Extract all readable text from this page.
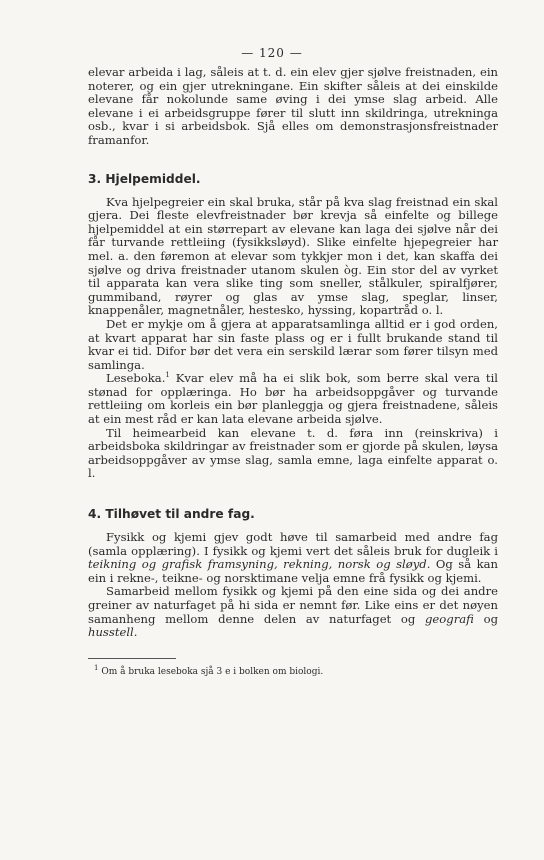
— 120 —

elevar arbeida i lag, såleis at t. d. ein elev gjer sjølve freistnaden, ein noterer, og ein gjer utrekningane. Ein skifter såleis at dei einskilde elevane får nokolunde same øving i dei ymse slag arbeid. Alle elevane i ei arbeidsgruppe fører til slutt inn skildringa, utrekninga osb., kvar i si arbeidsbok. Sjå elles om demonstrasjonsfreistnader framanfor.

3. Hjelpemiddel.

Kva hjelpegreier ein skal bruka, står på kva slag freistnad ein skal gjera. Dei fleste elevfreistnader bør krevja så einfelte og billege hjelpemiddel at ein størrepart av elevane kan laga dei sjølve når dei får turvande rettleiing (fysikksløyd). Slike einfelte hjepegreier har mel. a. den føremon at elevar som tykkjer mon i det, kan skaffa dei sjølve og driva freistnader utanom skulen òg. Ein stor del av vyrket til apparata kan vera slike ting som sneller, stålkuler, spiralfjører, gummiband, røyrer og glas av ymse slag, speglar, linser, knappenåler, magnetnåler, hestesko, hyssing, kopartråd o. l.

Det er mykje om å gjera at apparatsamlinga alltid er i god orden, at kvart apparat har sin faste plass og er i fullt brukande stand til kvar ei tid. Difor bør det vera ein serskild lærar som fører tilsyn med samlinga.

Leseboka.$^1$ Kvar elev må ha ei slik bok, som berre skal vera til stønad for opplæringa. Ho bør ha arbeidsoppgåver og turvande rettleiing om korleis ein bør planleggja og gjera freistnadene, såleis at ein mest råd er kan lata elevane arbeida sjølve.

Til heimearbeid kan elevane t. d. føra inn (reinskriva) i arbeidsboka skildringar av freistnader som er gjorde på skulen, løysa arbeidsoppgåver av ymse slag, samla emne, laga einfelte apparat o. l.

4. Tilhøvet til andre fag.

Fysikk og kjemi gjev godt høve til samarbeid med andre fag (samla opplæring). I fysikk og kjemi vert det såleis bruk for dugleik i teikning og grafisk framsyning, rekning, norsk og sløyd. Og så kan ein i rekne-, teikne- og norsktimane velja emne frå fysikk og kjemi.

Samarbeid mellom fysikk og kjemi på den eine sida og dei andre greiner av naturfaget på hi sida er nemnt før. Like eins er det nøyen samanheng mellom denne delen av naturfaget og geografi og husstell.

$^1$ Om å bruka leseboka sjå 3 e i bolken om biologi.
